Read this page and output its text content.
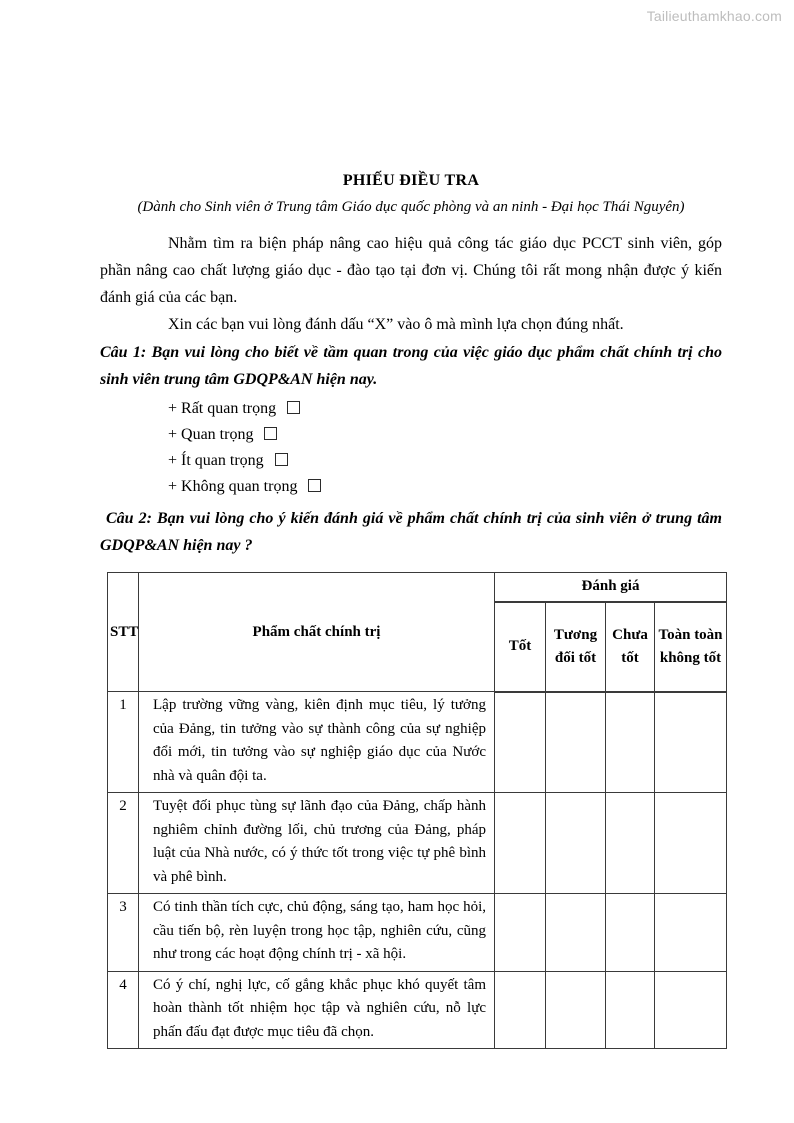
Tailieuthamkhao.com
PHIẾU ĐIỀU TRA
(Dành cho Sinh viên ở Trung tâm Giáo dục quốc phòng và an ninh - Đại học Thái Nguyên)

Nhằm tìm ra biện pháp nâng cao hiệu quả công tác giáo dục PCCT sinh viên, góp phần nâng cao chất lượng giáo dục - đào tạo tại đơn vị. Chúng tôi rất mong nhận được ý kiến đánh giá của các bạn.

Xin các bạn vui lòng đánh dấu “X” vào ô mà mình lựa chọn đúng nhất.

Câu 1: Bạn vui lòng cho biết về tầm quan trong của việc giáo dục phẩm chất chính trị cho sinh viên trung tâm GDQP&AN hiện nay.

+ Rất quan trọng
+ Quan trọng
+ Ít quan trọng
+ Không quan trọng

Câu 2: Bạn vui lòng cho ý kiến đánh giá về phẩm chất chính trị của sinh viên ở trung tâm GDQP&AN hiện nay ?

STT	Phẩm chất chính trị	Đánh giá			
		Tốt	Tương đối tốt	Chưa tốt	Toàn toàn không tốt
1	Lập trường vững vàng, kiên định mục tiêu, lý tưởng của Đảng, tin tưởng vào sự thành công của sự nghiệp đổi mới, tin tưởng vào sự nghiệp giáo dục của Nước nhà và quân đội ta.				
2	Tuyệt đối phục tùng sự lãnh đạo của Đảng, chấp hành nghiêm chỉnh đường lối, chủ trương của Đảng, pháp luật của Nhà nước, có ý thức tốt trong việc tự phê bình và phê bình.				
3	Có tinh thần tích cực, chủ động, sáng tạo, ham học hỏi, cầu tiến bộ, rèn luyện trong học tập, nghiên cứu, cũng như trong các hoạt động chính trị - xã hội.				
4	Có ý chí, nghị lực, cố gắng khắc phục khó quyết tâm hoàn thành tốt nhiệm học tập và nghiên cứu, nỗ lực phấn đấu đạt được mục tiêu đã chọn.				
